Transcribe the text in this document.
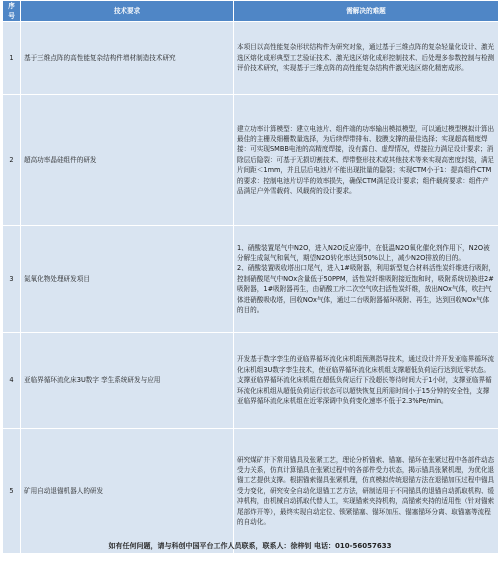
序号	技术要求	需解决的难题
1	基于三维点阵的高性能复杂结构件增材制造技术研究	本项目以高性能复杂形状结构件为研究对象，通过基于三维点阵的复杂轻量化设计、激光选区熔化成形典型工艺验证技术、激光选区熔化成形控制技术、后处理多参数控制与检测评价技术研究，实现基于三维点阵的高性能复杂结构件激光选区熔化精密成形。
2	超高功率晶硅组件的研发	建立功率计算模型：建立电池片、组件端的功率输出模拟模型，可以通过模型模拟计算出最佳的主栅及细栅数量选择，为后续焊带排布、胶膜支撑的最佳选择；实现超高精度焊接：可实现SMBB电池的高精度焊接，没有露白、虚焊情况，焊接拉力满足设计要求；消除层后隐裂：可基于无损切割技术、焊带整形技术或其他技术等来实现高密度封装，满足片间距＜1mm，并且层后电池片不能出现批量的隐裂；实现CTM小于1：提高组件CTM的要求：控制电池片切半的效率损失，确保CTM满足设计要求；组件载荷要求：组件产品满足户外雪载荷、风载荷的设计要求。
3	氮氧化物处理研发项目	1、硝酸装置尾气中N2O，进入N2O反应器中，在低温N2O氧化催化剂作用下，N2O被分解生成氮气和氧气，期望N2O转化率达到50%以上，减少N2O排放的目的。
2、硝酸装置吸收塔出口尾气，进入1#吸附器，利用新型复合材料活性炭纤维进行吸附，控制硝酸尾气中NOx含量低于50PPM，活性炭纤维吸附接近饱和时，吸附系统切换进2#吸附器，1#吸附器再生，由硝酸工序二次空气吹扫活性炭纤维，放出NOx气体，吹扫气体进硝酸吸收塔，回收NOx气体，通过二台吸附器循环吸附、再生，达到回收NOx气体的目的。
4	亚临界循环流化床3U数字 孪生系统研发与应用	开发基于数字孪生的亚临界循环流化床机组预测指导技术，通过设计并开发亚临界循环流化床机组3U数字孪生技术，使亚临界循环流化床机组支撑超低负荷运行达到近零状态。支撑亚临界循环流化床机组在超低负荷运行下没超长等待时间大于1小时，支撑亚临界循环流化床机组从超低负荷运行状态可以超快恢复且所需时间小于15分钟的安全性，支撑亚临界循环流化床机组在近零深调中负荷变化速率不低于2.3%Pe/min。
5	矿用自动退锚机器人的研发	研究煤矿井下常用锚具及张紧工艺，理论分析锚索、锚塞、锚环在张紧过程中各部件动态受力关系，仿真计算锚具在张紧过程中的各部件受力状态，揭示锚具张紧机理，为优化退锚工艺提供支撑。根据锚索锚具张紧机理，仿真模拟传统退锚方法在退锚加压过程中锚具受力变化，研究安全自动化退锚工艺方法，研制适用于不同锚具的退锚自动抓取机构、缓冲机构，由机械自动抓取代替人工，实现锚索夹持机构，高锚索夹持的适用性（针对锚索尾部炸开等），最终实现自动定位、锁紧锚塞、锚环加压、锚塞锚环分离、取锚塞等流程的自动化。
如有任何问题，请与科创中国平台工作人员联系，联系人：徐梓钊 电话：010-56057633
